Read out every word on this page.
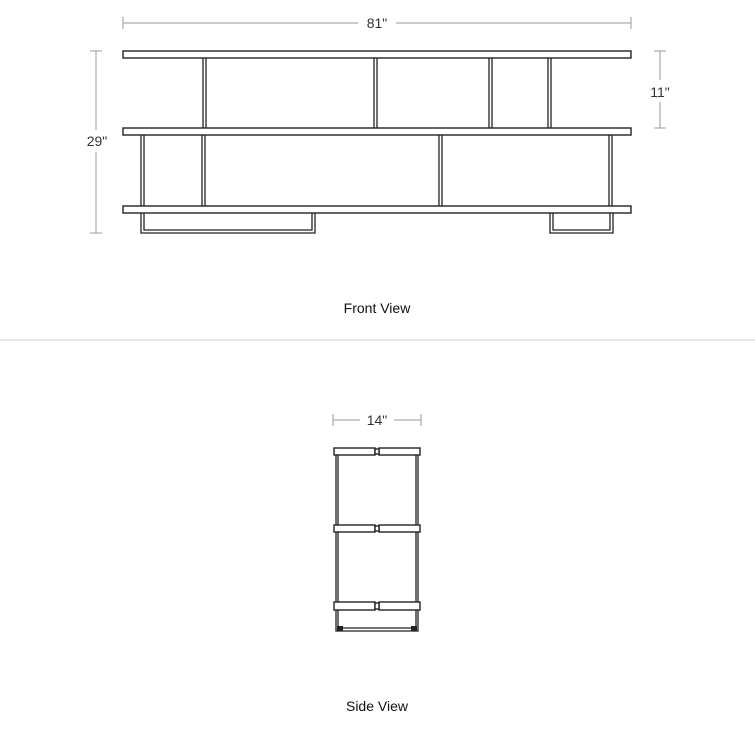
81"
29"
11"
Front View
14"
Side View
